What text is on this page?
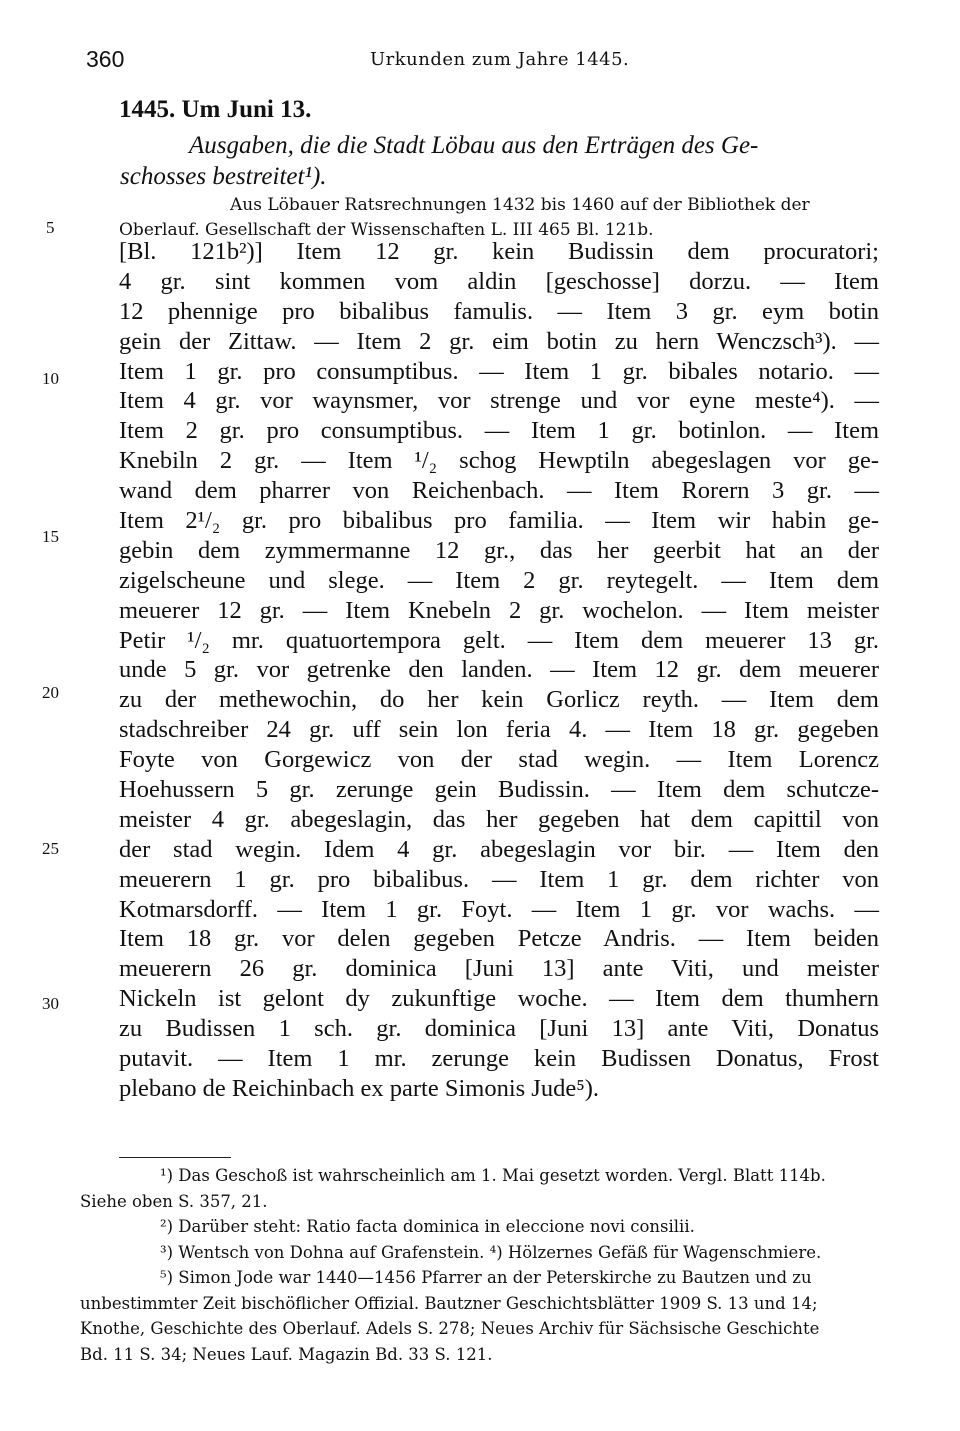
360	Urkunden zum Jahre 1445.
1445. Um Juni 13.
Ausgaben, die die Stadt Löbau aus den Erträgen des Ge-
schosses bestreitet¹).
Aus Löbauer Ratsrechnungen 1432 bis 1460 auf der Bibliothek der
Oberlauf. Gesellschaft der Wissenschaften L. III 465 Bl. 121b.
5
10
15
20
25
30
[Bl. 121b²)] Item 12 gr. kein Budissin dem procuratori;
4 gr. sint kommen vom aldin [geschosse] dorzu. — Item
12 phennige pro bibalibus famulis. — Item 3 gr. eym botin
gein der Zittaw. — Item 2 gr. eim botin zu hern Wenczsch³). —
Item 1 gr. pro consumptibus. — Item 1 gr. bibales notario. —
Item 4 gr. vor waynsmer, vor strenge und vor eyne meste⁴). —
Item 2 gr. pro consumptibus. — Item 1 gr. botinlon. — Item
Knebiln 2 gr. — Item ¹/₂ schog Hewptiln abegeslagen vor ge-
wand dem pharrer von Reichenbach. — Item Rorern 3 gr. —
Item 2¹/₂ gr. pro bibalibus pro familia. — Item wir habin ge-
gebin dem zymmermanne 12 gr., das her geerbit hat an der
zigelscheune und slege. — Item 2 gr. reytegelt. — Item dem
meuerer 12 gr. — Item Knebeln 2 gr. wochelon. — Item meister
Petir ¹/₂ mr. quatuortempora gelt. — Item dem meuerer 13 gr.
unde 5 gr. vor getrenke den landen. — Item 12 gr. dem meuerer
zu der methewochin, do her kein Gorlicz reyth. — Item dem
stadschreiber 24 gr. uff sein lon feria 4. — Item 18 gr. gegeben
Foyte von Gorgewicz von der stad wegin. — Item Lorencz
Hoehussern 5 gr. zerunge gein Budissin. — Item dem schutcze-
meister 4 gr. abegeslagin, das her gegeben hat dem capittil von
der stad wegin. Idem 4 gr. abegeslagin vor bir. — Item den
meuerern 1 gr. pro bibalibus. — Item 1 gr. dem richter von
Kotmarsdorff. — Item 1 gr. Foyt. — Item 1 gr. vor wachs. —
Item 18 gr. vor delen gegeben Petcze Andris. — Item beiden
meuerern 26 gr. dominica [Juni 13] ante Viti, und meister
Nickeln ist gelont dy zukunftige woche. — Item dem thumhern
zu Budissen 1 sch. gr. dominica [Juni 13] ante Viti, Donatus
putavit. — Item 1 mr. zerunge kein Budissen Donatus, Frost
plebano de Reichinbach ex parte Simonis Jude⁵).
¹) Das Geschoß ist wahrscheinlich am 1. Mai gesetzt worden. Vergl. Blatt 114b.
Siehe oben S. 357, 21.
²) Darüber steht: Ratio facta dominica in eleccione novi consilii.
³) Wentsch von Dohna auf Grafenstein. ⁴) Hölzernes Gefäß für Wagenschmiere.
⁵) Simon Jode war 1440—1456 Pfarrer an der Peterskirche zu Bautzen und zu
unbestimmter Zeit bischöflicher Offizial. Bautzner Geschichtsblätter 1909 S. 13 und 14;
Knothe, Geschichte des Oberlauf. Adels S. 278; Neues Archiv für Sächsische Geschichte
Bd. 11 S. 34; Neues Lauf. Magazin Bd. 33 S. 121.
